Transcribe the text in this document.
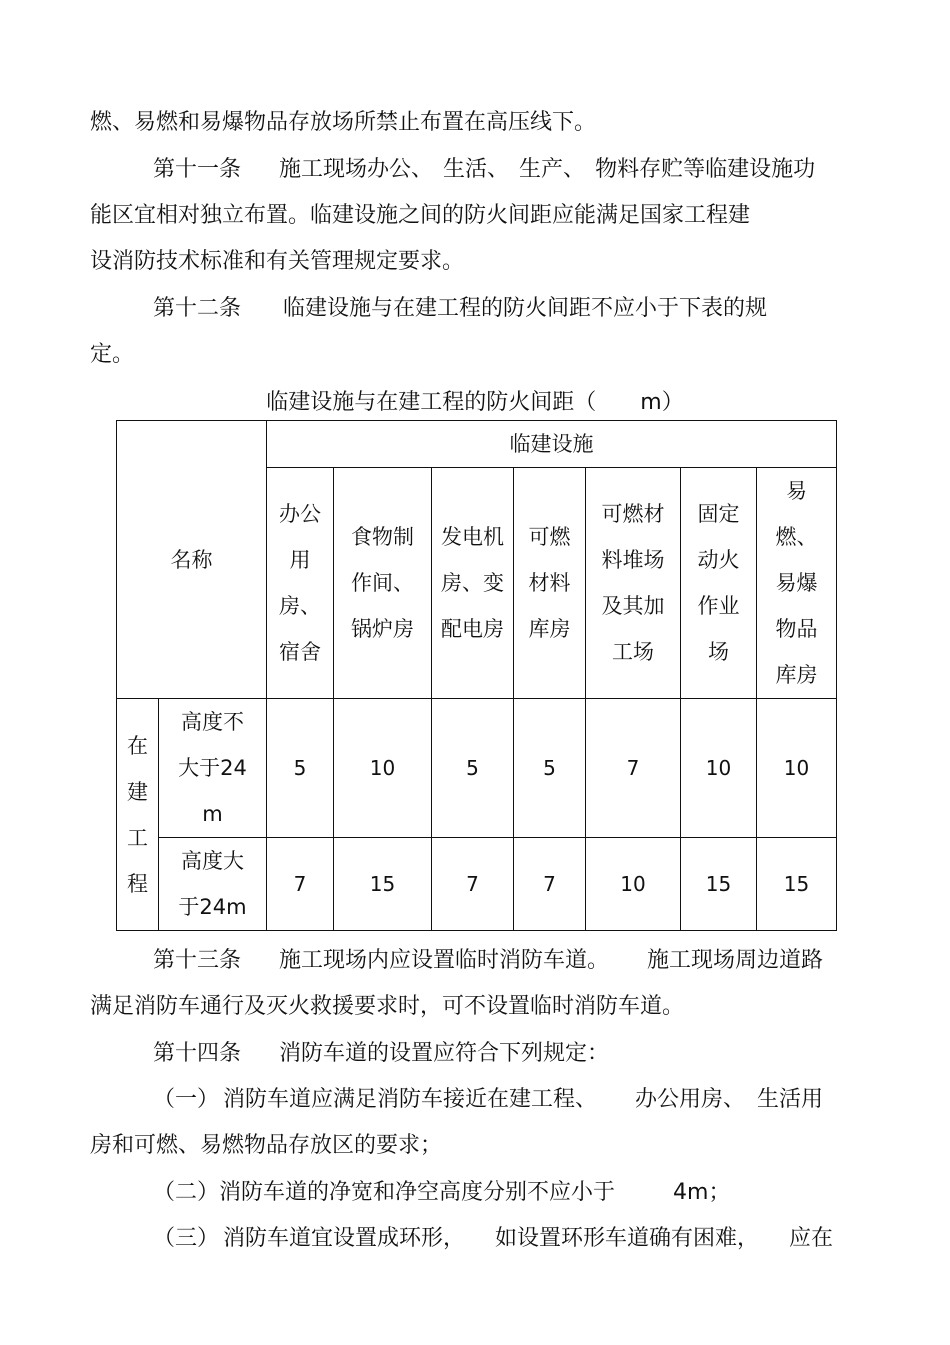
燃、易燃和易爆物品存放场所禁止布置在高压线下。
第十一条 施工现场办公、 生活、 生产、 物料存贮等临建设施功
能区宜相对独立布置。临建设施之间的防火间距应能满足国家工程建
设消防技术标准和有关管理规定要求。
第十二条 临建设施与在建工程的防火间距不应小于下表的规
定。
临建设施与在建工程的防火间距（ m）
名称		临建设施						
		办公用房、宿舍	食物制作间、锅炉房	发电机房、变配电房	可燃材料库房	可燃材料堆场及其加工场	固定动火作业场	易燃、易爆物品库房
在建工程	高度不大于24m	5	10	5	5	7	10	10
	高度大于24m	7	15	7	7	10	15	15
第十三条 施工现场内应设置临时消防车道。 施工现场周边道路
满足消防车通行及灭火救援要求时，可不设置临时消防车道。
第十四条 消防车道的设置应符合下列规定：
（一） 消防车道应满足消防车接近在建工程、 办公用房、 生活用
房和可燃、易燃物品存放区的要求；
（二）消防车道的净宽和净空高度分别不应小于	4m；
（三） 消防车道宜设置成环形， 如设置环形车道确有困难， 应在
